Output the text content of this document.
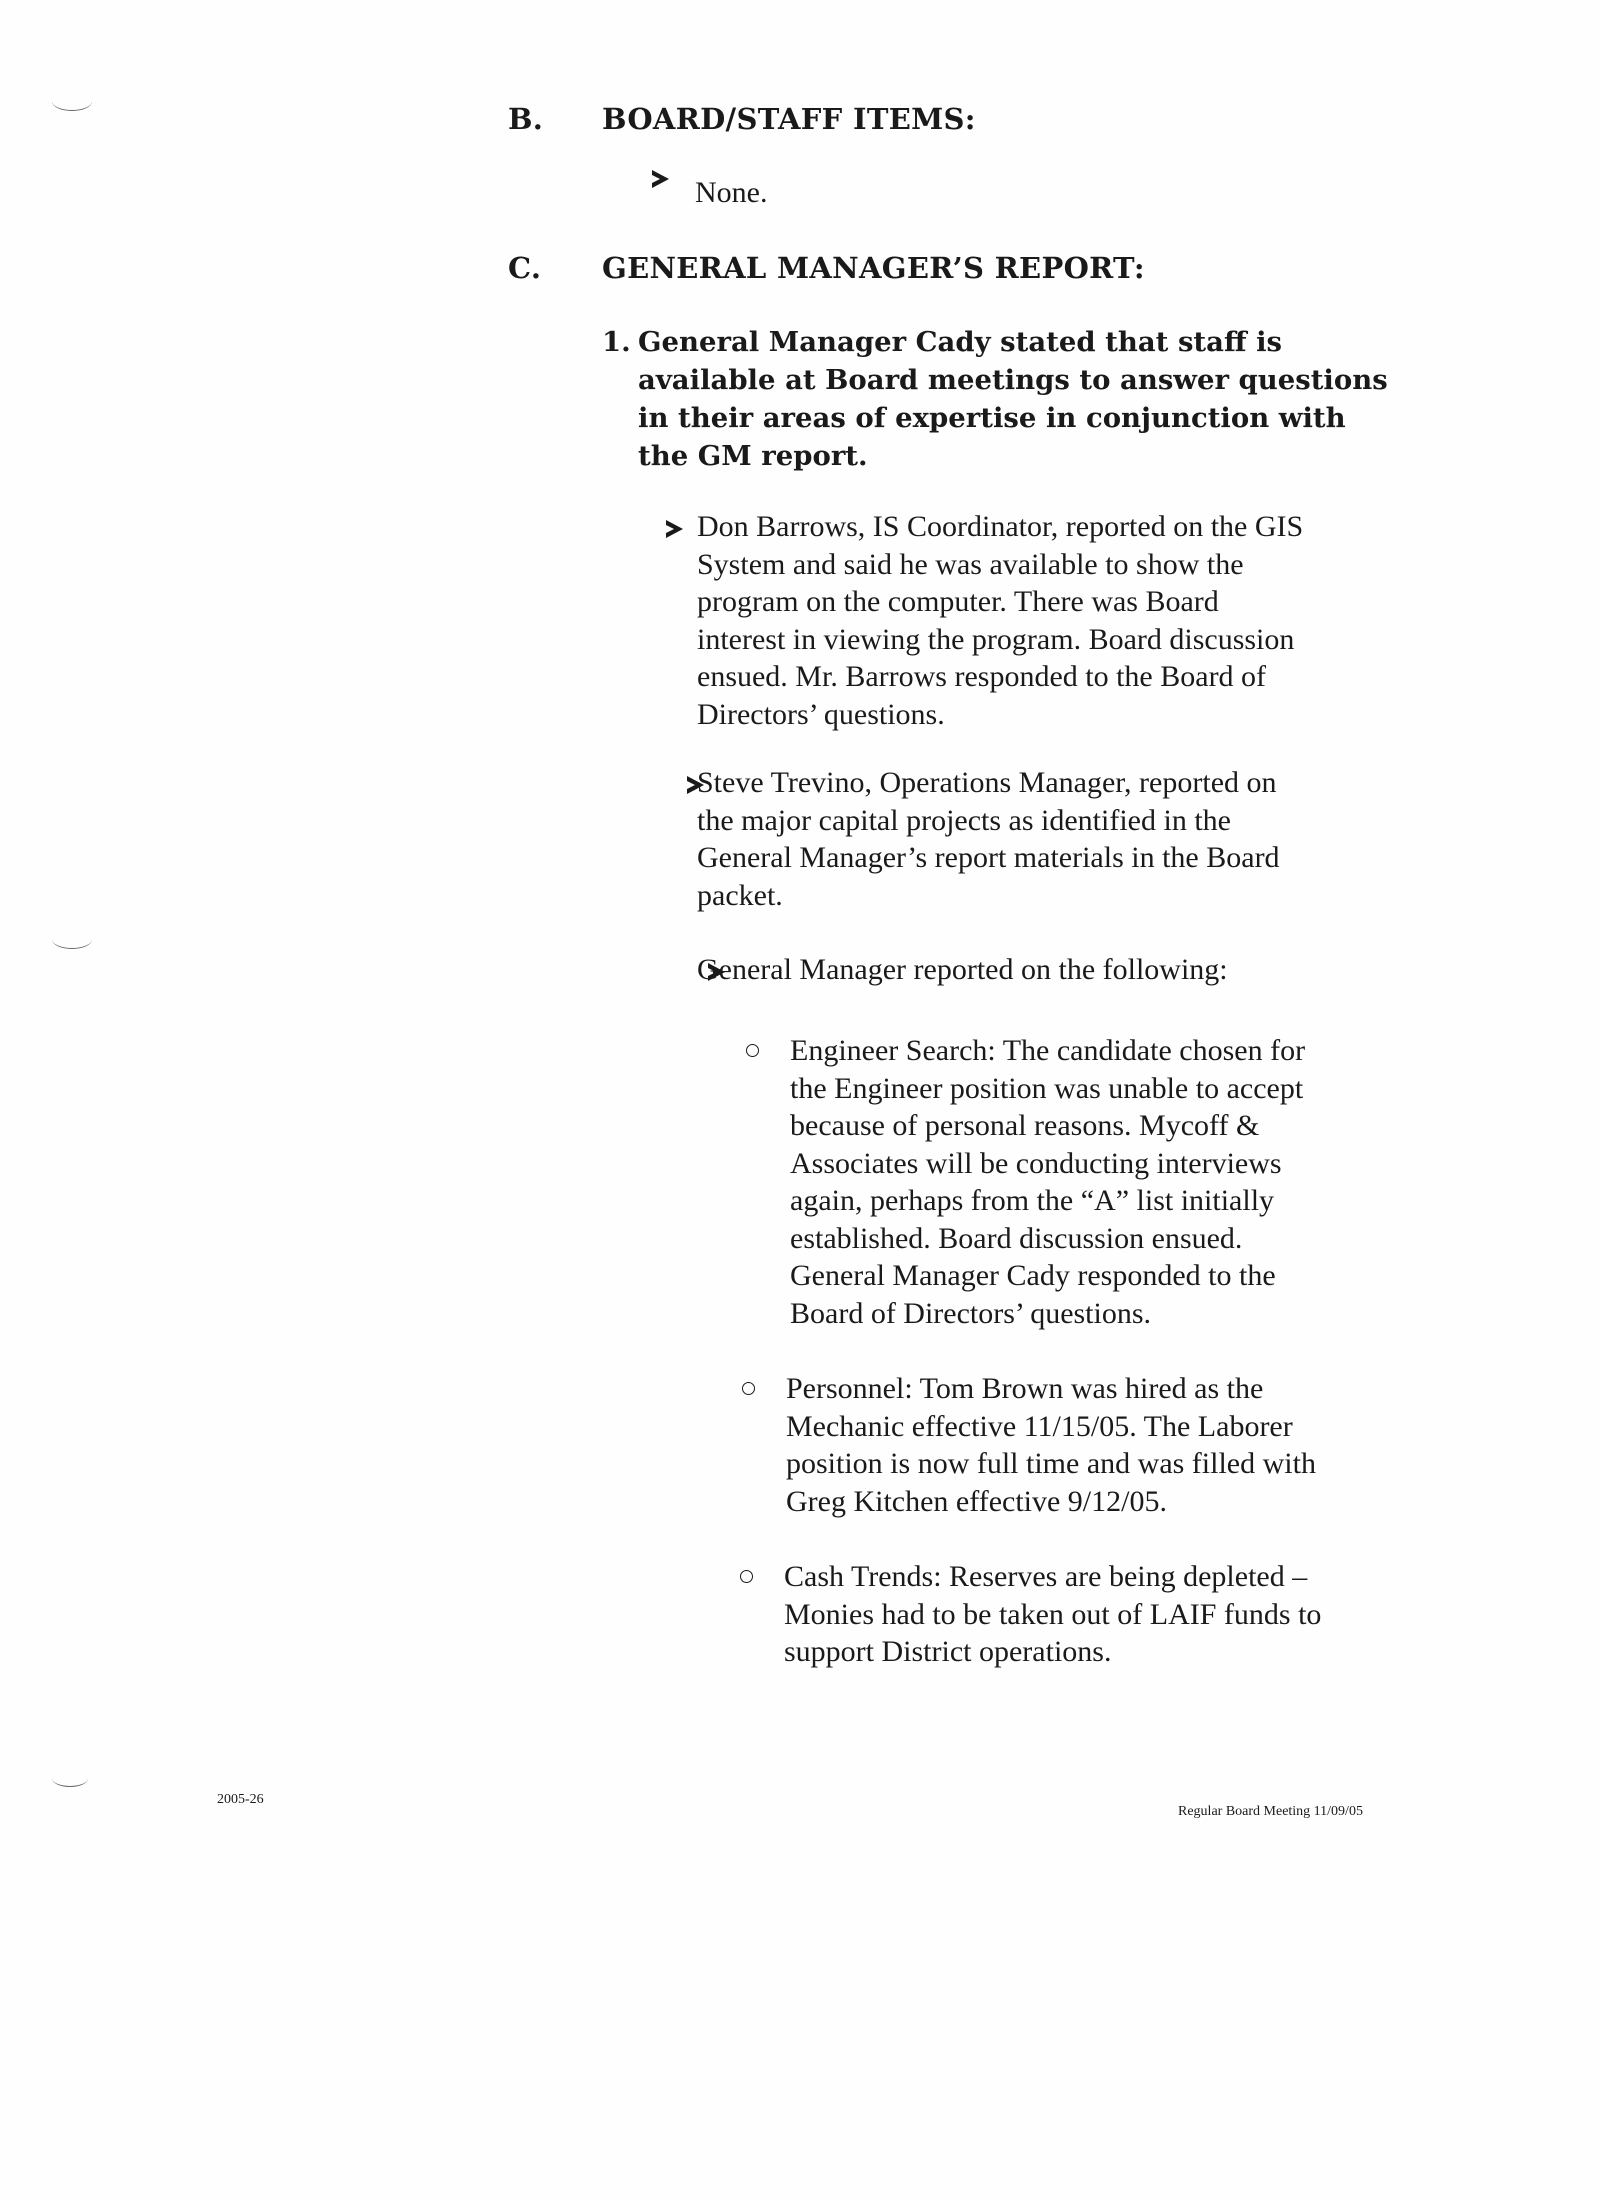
B. BOARD/STAFF ITEMS:
None.
C. GENERAL MANAGER’S REPORT:
1. General Manager Cady stated that staff is
available at Board meetings to answer questions
in their areas of expertise in conjunction with
the GM report.

Don Barrows, IS Coordinator, reported on the GIS
System and said he was available to show the
program on the computer. There was Board
interest in viewing the program. Board discussion
ensued. Mr. Barrows responded to the Board of
Directors’ questions.

Steve Trevino, Operations Manager, reported on
the major capital projects as identified in the
General Manager’s report materials in the Board
packet.
General Manager reported on the following:
Engineer Search: The candidate chosen for
the Engineer position was unable to accept
because of personal reasons. Mycoff &
Associates will be conducting interviews
again, perhaps from the “A” list initially
established. Board discussion ensued.
General Manager Cady responded to the
Board of Directors’ questions.
Personnel: Tom Brown was hired as the
Mechanic effective 11/15/05. The Laborer
position is now full time and was filled with
Greg Kitchen effective 9/12/05.
Cash Trends: Reserves are being depleted –
Monies had to be taken out of LAIF funds to
support District operations.
2005-26
Regular Board Meeting 11/09/05
